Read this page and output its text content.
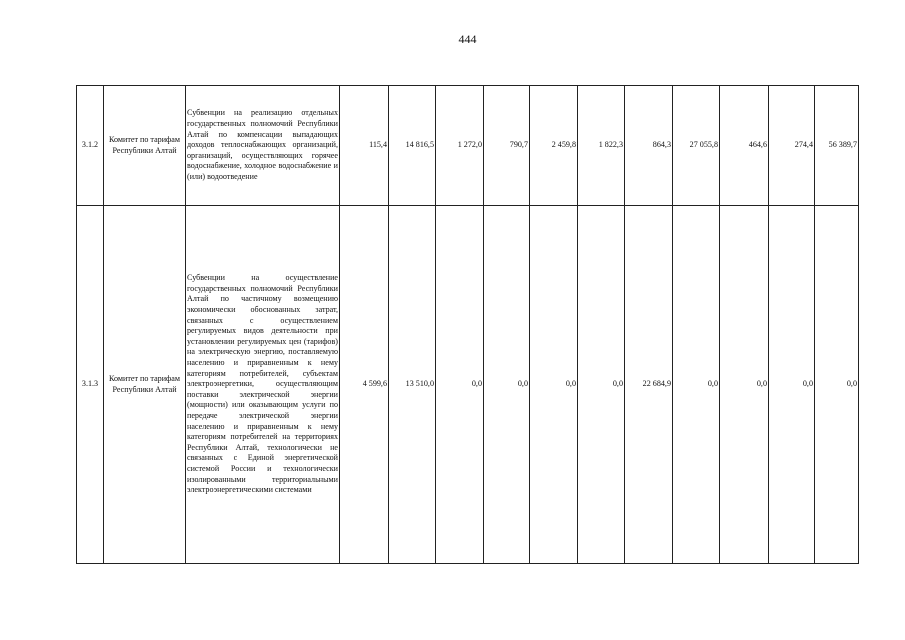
444
3.1.2	Комитет по тарифам Республики Алтай	Субвенции на реализацию отдельных государственных полномочий Республики Алтай по компенсации выпадающих доходов теплоснабжающих организаций, организаций, осуществляющих горячее водоснабжение, холодное водоснабжение и (или) водоотведение	115,4	14 816,5	1 272,0	790,7	2 459,8	1 822,3	864,3	27 055,8	464,6	274,4	56 389,7
3.1.3	Комитет по тарифам Республики Алтай	Субвенции на осуществление государственных полномочий Республики Алтай по частичному возмещению экономически обоснованных затрат, связанных с осуществлением регулируемых видов деятельности при установлении регулируемых цен (тарифов) на электрическую энергию, поставляемую населению и приравненным к нему категориям потребителей, субъектам электроэнергетики, осуществляющим поставки электрической энергии (мощности) или оказывающим услуги по передаче электрической энергии населению и приравненным к нему категориям потребителей на территориях Республики Алтай, технологически не связанных с Единой энергетической системой России и технологически изолированными территориальными электроэнергетическими системами	4 599,6	13 510,0	0,0	0,0	0,0	0,0	22 684,9	0,0	0,0	0,0	0,0
